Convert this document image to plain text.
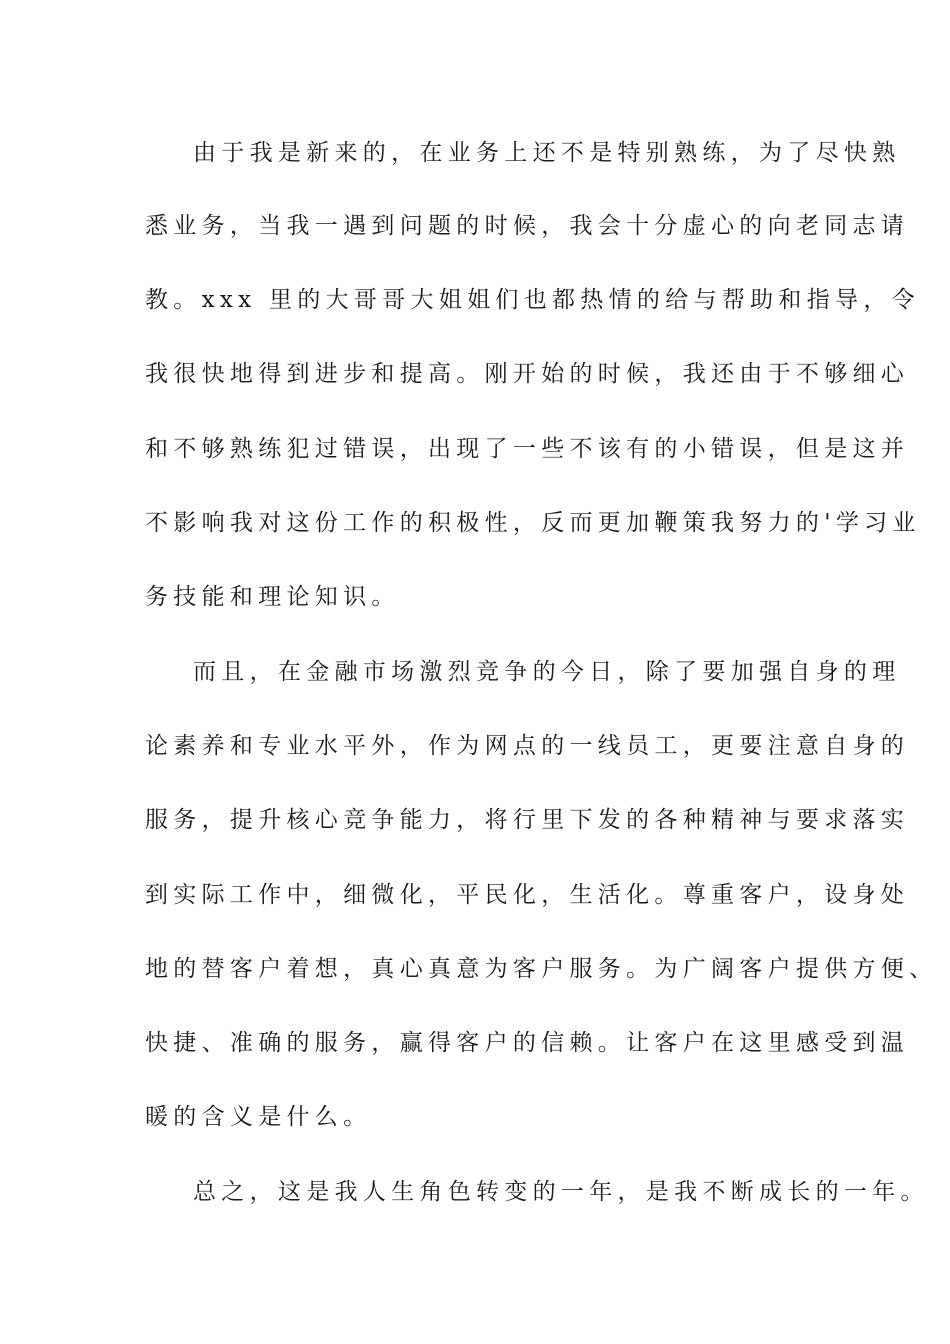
由于我是新来的，在业务上还不是特别熟练，为了尽快熟
悉业务，当我一遇到问题的时候，我会十分虚心的向老同志请
教。xxx 里的大哥哥大姐姐们也都热情的给与帮助和指导，令
我很快地得到进步和提高。刚开始的时候，我还由于不够细心
和不够熟练犯过错误，出现了一些不该有的小错误，但是这并
不影响我对这份工作的积极性，反而更加鞭策我努力的'学习业
务技能和理论知识。
而且，在金融市场激烈竞争的今日，除了要加强自身的理
论素养和专业水平外，作为网点的一线员工，更要注意自身的
服务，提升核心竞争能力，将行里下发的各种精神与要求落实
到实际工作中，细微化，平民化，生活化。尊重客户，设身处
地的替客户着想，真心真意为客户服务。为广阔客户提供方便、
快捷、准确的服务，赢得客户的信赖。让客户在这里感受到温
暖的含义是什么。
总之，这是我人生角色转变的一年，是我不断成长的一年。
